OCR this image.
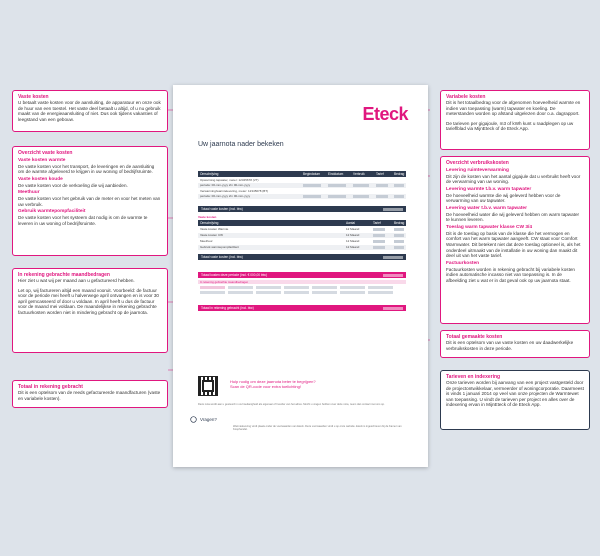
Vaste kosten

U betaalt vaste kosten voor de aansluiting, de apparatuur en onze ook de huur van een toestel. Het vaste deel betaalt u altijd, of u nu gebruik maakt van de energieaansluiting of niet. Dus ook tijdens vakanties of leegstand van een gebouw.

Overzicht vaste kosten
Vaste kosten warmte

De vaste kosten voor het transport, de leveringen en de aansluiting om de warmte afgeleverd te krijgen in uw woning of bedrijfsruimte.

Vaste kosten koude

De vaste kosten voor de verkoeling die wij aanbieden.

Meethuur

De vaste kosten voor het gebruik van de meter en voor het meten van uw verbruik.

Gebruik warmtepompfaciliteit

De vaste kosten voor het systeem dat nodig is om de warmte te leveren in uw woning of bedrijfsruimte.

In rekening gebrachte maandbedragen

Hier ziet u wat wij per maand aan u gefactureerd hebben.

Let op, wij factureren altijd een maand vooruit. Voorbeeld: de factuur voor de periode mei heeft u halverwege april ontvangen en is voor 30 april geïncasseerd of door u voldaan. In april heeft u dus de factuur voor de maand mei voldaan. De maandelijkse in rekening gebrachte factuurkosten worden niet in mindering gebracht op de jaarnota.

Totaal in rekening gebracht

Dit is een optelsom van de reeds gefactureerde maandfacturen (vaste en variabele kosten).

Variabele kosten

Dit is het totaalbedrag voor de afgenomen hoeveelheid warmte en indien van toepassing (warm) tapwater en koeling. De meterstanden worden op afstand uitgelezen door o.a. dagrapport.

De tarieven per gigajoule, m3 of kWh kunt u raadplegen op uw tarieflblad via MijnEteck of de Eteck App.

Overzicht verbruikskosten
Levering ruimteverwarming

Dit zijn de kosten van het aantal gigajule dat u verbruikt heeft voor de verwarming van uw woning.

Levering warmte t.b.v. warm tapwater

De hoeveelheid warmte die wij geleverd hebben voor de verwarming van uw tapwater.

Levering water t.b.v. warm tapwater

De hoeveelheid water die wij geleverd hebben om warm tapwater te kunnen leveren.

Toeslag warm tapwater klasse CW 3/4

Dit is de toeslag op basis van de klasse die het vermogen en comfort van het warm tapwater aangeeft. CW staat voor Comfort Warmwater. Dit betekent niet dat deze toeslag optioneel is, als het onderdeel uitmaakt van de installatie in uw woning dan maakt dit deel uit van het vaste tarief.

Factuurkosten

Factuurkosten worden in rekening gebracht bij variabele kosten indien automatische incasso niet van toepassing is. In de afbeelding ziet u wat er in dat geval ook op uw jaarnota staat.

Totaal gemaakte kosten

Dit is een optelsom van uw vaste kosten en uw daadwerkelijke verbruikskosten in deze periode.

Tarieven en indexering

Onze tarieven worden bij aanvang van een project vastgesteld door de projectontwikkelaar, vermeerder of woningcorporatie. Daarmeest is vinds 1 januari 2014 op veel van onze projecten de Warmtewet van toepassing. U vindt de tarieven per project en alles over de indexering ervan in MijnEteck of de Eteck App.

Eteck
Uw jaarnota nader bekeken
Omschrijving	Begindatum Einddatum	Verbruik	Tarief	Bedrag
Opwarming tapwater, meter: 12345678 (VT)
periode: 00-mm-yyyy t/m 00-mm-yyyy
Verwarming/warmtelevering, meter: 12345678 (BT)
periode: 00-mm-yyyy t/m 00-mm-yyyy
Totaal vaste kosten (incl. btw)
Vaste kosten
Omschrijving	Aantal	Tarief	Bedrag
Vaste kosten Warmte	12 Maand
Vaste kosten CW	12 Maand
Meethuur	12 Maand
Gebruik warmtepompfaciliteit	12 Maand
Totaal vaste kosten (incl. btw)
Totaal kosten deze periode (incl. € 000,00 btw)
In rekening gebrachte maandbedragen
Totaal in rekening gebracht (incl. btw)
Hulp nodig om deze jaarnota beter te begrijpen?
Scan de QR-code voor extra toelichting!
Deze nota wordt aan u gestuurd in uw hoedanigheid als eigenaar of huurder van het adres. Mocht u vragen hebben over deze nota, neem dan contact met ons op.
Vragen?
Warmtelevering vindt plaats onder de voorwaarden van Eteck. Deze voorwaarden vindt u op onze website. Eteck is ingeschreven bij de Kamer van Koophandel.
